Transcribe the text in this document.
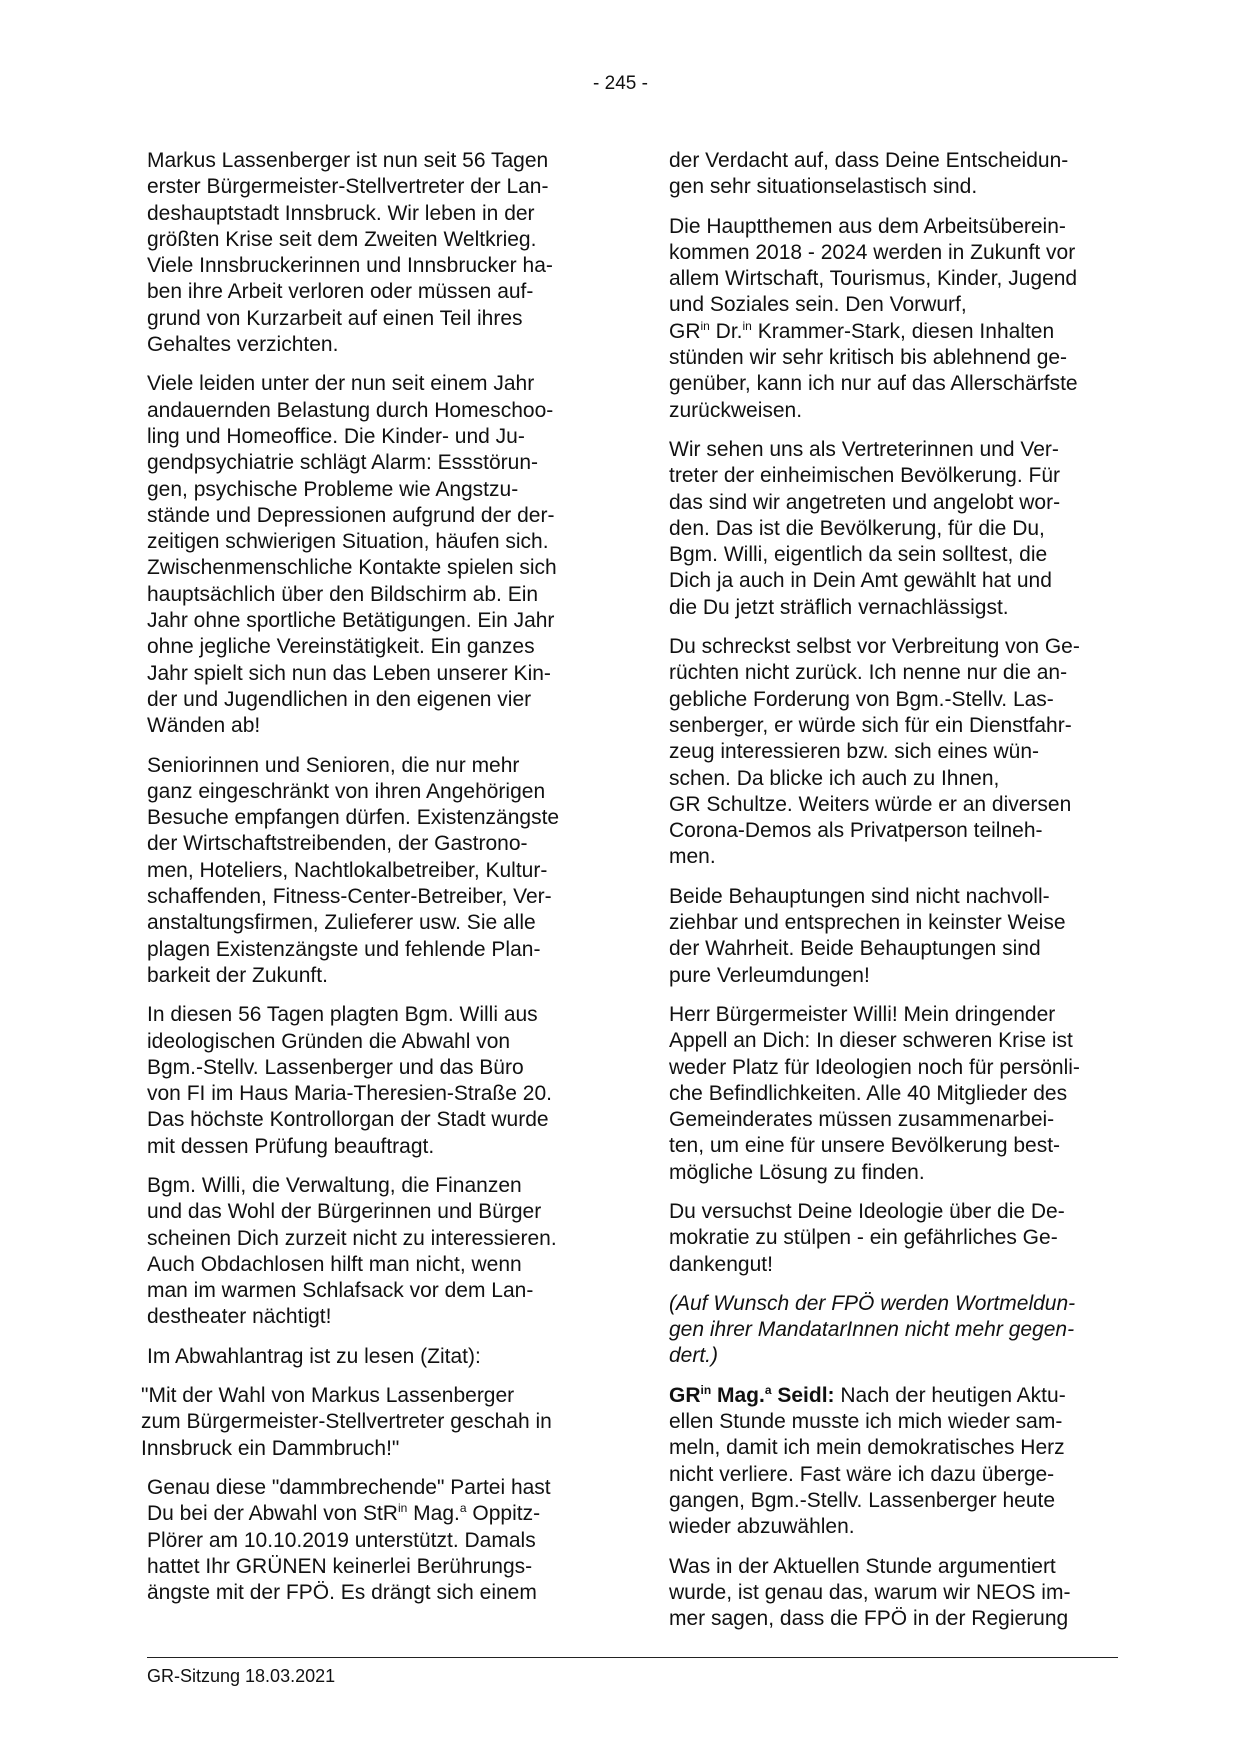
- 245 -

Markus Lassenberger ist nun seit 56 Tagen
erster Bürgermeister-Stellvertreter der Lan-
deshauptstadt Innsbruck. Wir leben in der
größten Krise seit dem Zweiten Weltkrieg.
Viele Innsbruckerinnen und Innsbrucker ha-
ben ihre Arbeit verloren oder müssen auf-
grund von Kurzarbeit auf einen Teil ihres
Gehaltes verzichten.

Viele leiden unter der nun seit einem Jahr
andauernden Belastung durch Homeschoo-
ling und Homeoffice. Die Kinder- und Ju-
gendpsychiatrie schlägt Alarm: Essstörun-
gen, psychische Probleme wie Angstzu-
stände und Depressionen aufgrund der der-
zeitigen schwierigen Situation, häufen sich.
Zwischenmenschliche Kontakte spielen sich
hauptsächlich über den Bildschirm ab. Ein
Jahr ohne sportliche Betätigungen. Ein Jahr
ohne jegliche Vereinstätigkeit. Ein ganzes
Jahr spielt sich nun das Leben unserer Kin-
der und Jugendlichen in den eigenen vier
Wänden ab!

Seniorinnen und Senioren, die nur mehr
ganz eingeschränkt von ihren Angehörigen
Besuche empfangen dürfen. Existenzängste
der Wirtschaftstreibenden, der Gastrono-
men, Hoteliers, Nachtlokalbetreiber, Kultur-
schaffenden, Fitness-Center-Betreiber, Ver-
anstaltungsfirmen, Zulieferer usw. Sie alle
plagen Existenzängste und fehlende Plan-
barkeit der Zukunft.

In diesen 56 Tagen plagten Bgm. Willi aus
ideologischen Gründen die Abwahl von
Bgm.-Stellv. Lassenberger und das Büro
von FI im Haus Maria-Theresien-Straße 20.
Das höchste Kontrollorgan der Stadt wurde
mit dessen Prüfung beauftragt.

Bgm. Willi, die Verwaltung, die Finanzen
und das Wohl der Bürgerinnen und Bürger
scheinen Dich zurzeit nicht zu interessieren.
Auch Obdachlosen hilft man nicht, wenn
man im warmen Schlafsack vor dem Lan-
destheater nächtigt!

Im Abwahlantrag ist zu lesen (Zitat):

"Mit der Wahl von Markus Lassenberger
zum Bürgermeister-Stellvertreter geschah in
Innsbruck ein Dammbruch!"

Genau diese "dammbrechende" Partei hast
Du bei der Abwahl von StR$^{in}$ Mag.$^a$ Oppitz-
Plörer am 10.10.2019 unterstützt. Damals
hattet Ihr GRÜNEN keinerlei Berührungs-
ängste mit der FPÖ. Es drängt sich einem

der Verdacht auf, dass Deine Entscheidun-
gen sehr situationselastisch sind.

Die Hauptthemen aus dem Arbeitsüberein-
kommen 2018 - 2024 werden in Zukunft vor
allem Wirtschaft, Tourismus, Kinder, Jugend
und Soziales sein. Den Vorwurf,
$GR^{in}$ Dr.$^{in}$ Krammer-Stark, diesen Inhalten
stünden wir sehr kritisch bis ablehnend ge-
genüber, kann ich nur auf das Allerschärfste
zurückweisen.

Wir sehen uns als Vertreterinnen und Ver-
treter der einheimischen Bevölkerung. Für
das sind wir angetreten und angelobt wor-
den. Das ist die Bevölkerung, für die Du,
Bgm. Willi, eigentlich da sein solltest, die
Dich ja auch in Dein Amt gewählt hat und
die Du jetzt sträflich vernachlässigst.

Du schreckst selbst vor Verbreitung von Ge-
rüchten nicht zurück. Ich nenne nur die an-
gebliche Forderung von Bgm.-Stellv. Las-
senberger, er würde sich für ein Dienstfahr-
zeug interessieren bzw. sich eines wün-
schen. Da blicke ich auch zu Ihnen,
GR Schultze. Weiters würde er an diversen
Corona-Demos als Privatperson teilneh-
men.

Beide Behauptungen sind nicht nachvoll-
ziehbar und entsprechen in keinster Weise
der Wahrheit. Beide Behauptungen sind
pure Verleumdungen!

Herr Bürgermeister Willi! Mein dringender
Appell an Dich: In dieser schweren Krise ist
weder Platz für Ideologien noch für persönli-
che Befindlichkeiten. Alle 40 Mitglieder des
Gemeinderates müssen zusammenarbei-
ten, um eine für unsere Bevölkerung best-
mögliche Lösung zu finden.

Du versuchst Deine Ideologie über die De-
mokratie zu stülpen - ein gefährliches Ge-
dankengut!

(Auf Wunsch der FPÖ werden Wortmeldun-
gen ihrer MandatarInnen nicht mehr gegen-
dert.)

$GR^{in}$ Mag.$^a$ Seidl: Nach der heutigen Aktu-
ellen Stunde musste ich mich wieder sam-
meln, damit ich mein demokratisches Herz
nicht verliere. Fast wäre ich dazu überge-
gangen, Bgm.-Stellv. Lassenberger heute
wieder abzuwählen.

Was in der Aktuellen Stunde argumentiert
wurde, ist genau das, warum wir NEOS im-
mer sagen, dass die FPÖ in der Regierung

GR-Sitzung 18.03.2021
